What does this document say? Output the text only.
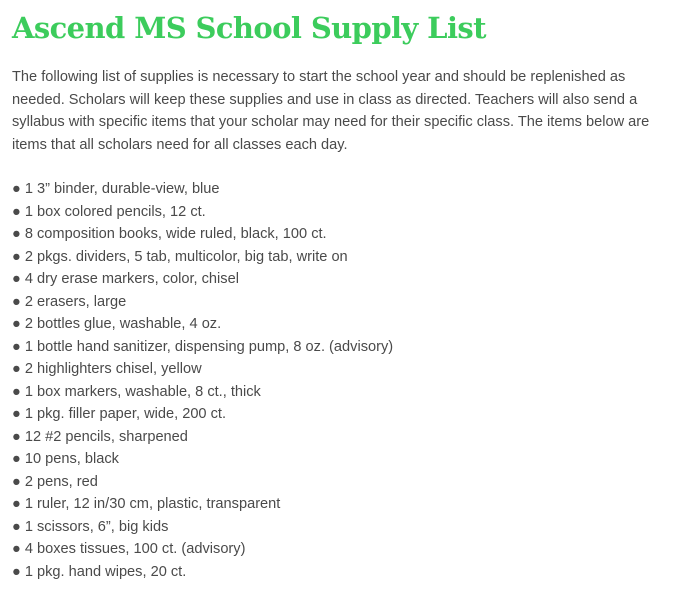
Ascend MS School Supply List

The following list of supplies is necessary to start the school year and should be replenished as needed. Scholars will keep these supplies and use in class as directed. Teachers will also send a syllabus with specific items that your scholar may need for their specific class. The items below are items that all scholars need for all classes each day.

● 1 3” binder, durable-view, blue
● 1 box colored pencils, 12 ct.
● 8 composition books, wide ruled, black, 100 ct.
● 2 pkgs. dividers, 5 tab, multicolor, big tab, write on
● 4 dry erase markers, color, chisel
● 2 erasers, large
● 2 bottles glue, washable, 4 oz.
● 1 bottle hand sanitizer, dispensing pump, 8 oz. (advisory)
● 2 highlighters chisel, yellow
● 1 box markers, washable, 8 ct., thick
● 1 pkg. filler paper, wide, 200 ct.
● 12 #2 pencils, sharpened
● 10 pens, black
● 2 pens, red
● 1 ruler, 12 in/30 cm, plastic, transparent
● 1 scissors, 6”, big kids
● 4 boxes tissues, 100 ct. (advisory)
● 1 pkg. hand wipes, 20 ct.
